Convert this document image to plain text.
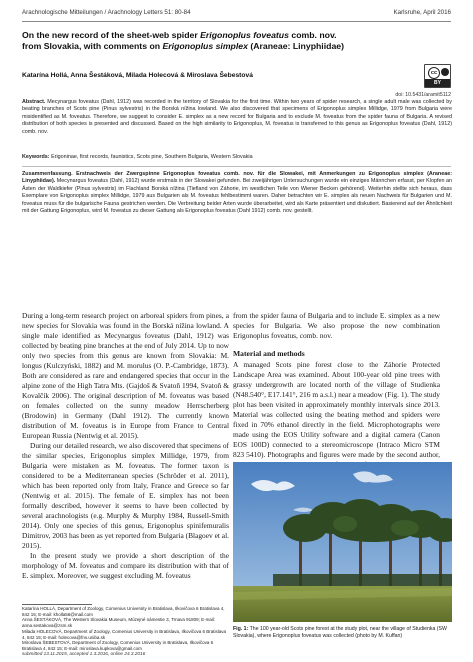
Arachnologische Mitteilungen / Arachnology Letters 51: 80-84	Karlsruhe, April 2016
On the new record of the sheet-web spider Erigonoplus foveatus comb. nov.
from Slovakia, with comments on Erigonoplus simplex (Araneae: Linyphiidae)
Katarína Hollá, Anna Šestáková, Milada Holecová & Miroslava Šebestová	cc
BY
doi: 10.5431/aramit5112
Abstract. Mecynargus foveatus (Dahl, 1912) was recorded in the territory of Slovakia for the first time. Within two years of spider research, a single adult male was collected by beating branches of Scots pine (Pinus sylvestris) in the Borská nížina lowland. We also discovered that specimens of Erigonoplus simplex Millidge, 1979 from Bulgaria were misidentified as M. foveatus. Therefore, we suggest to consider E. simplex as a new record for Bulgaria and to exclude M. foveatus from the spider fauna of Bulgaria. A revised distribution of both species is presented and discussed. Based on the high similarity to Erigonoplus, M. foveatus is transferred to this genus as Erigonoplus foveatus (Dahl, 1912) comb. nov.
Keywords: Erigoninae, first records, faunistics, Scots pine, Southern Bulgaria, Western Slovakia
Zusammenfassung. Erstnachweis der Zwergspinne Erigonoplus foveatus comb. nov. für die Slowakei, mit Anmerkungen zu Erigonoplus simplex (Araneae: Linyphiidae). Mecynargus foveatus (Dahl, 1912) wurde erstmals in der Slowakei gefunden. Bei zweijährigen Untersuchungen wurde ein einziges Männchen erfasst, per Klopfen an Ästen der Waldkiefer (Pinus sylvestris) im Flachland Borská nížina (Tiefland von Záhorie, im westlichen Teile von Wiener Becken gehörend). Weiterhin stellte sich heraus, dass Exemplare von Erigonoplus simplex Millidge, 1979 aus Bulgarien als M. foveatus fehlbestimmt waren. Daher betrachten wir E. simplex als neuen Nachweis für Bulgarien und M. foveatus muss für die bulgarische Fauna gestrichen werden. Die Verbreitung beider Arten wurde überarbeitet, wird als Karte präsentiert und diskutiert. Basierend auf der Ähnlichkeit mit der Gattung Erigonoplus, wird M. foveatus zu dieser Gattung als Erigonoplus foveatus (Dahl 1912) comb. nov. gestellt.

During a long-term research project on arboreal spiders from pines, a new species for Slovakia was found in the Borská nížina lowland. A single male identified as Mecynargus foveatus (Dahl, 1912) was collected by beating pine branches at the end of July 2014. Up to now only two species from this genus are known from Slovakia: M. longus (Kulczyński, 1882) and M. morulus (O. P.-Cambridge, 1873). Both are considered as rare and endangered species that occur in the alpine zone of the High Tatra Mts. (Gajdoš & Svatoň 1994, Svatoň & Kovalčík 2006). The original description of M. foveatus was based on females collected on the sunny meadow Herrscherberg (Brodowin) in Germany (Dahl 1912). The currently known distribution of M. foveatus is in Europe from France to Central European Russia (Nentwig et al. 2015).

During our detailed research, we also discovered that specimens of the similar species, Erigonoplus simplex Millidge, 1979, from Bulgaria were mistaken as M. foveatus. The former taxon is considered to be a Mediterranean species (Schröder et al. 2011), which has been reported only from Italy, France and Greece so far (Nentwig et al. 2015). The female of E. simplex has not been formally described, however it seems to have been collected by several arachnologists (e.g. Murphy & Murphy 1984, Russell-Smith 2014). Only one species of this genus, Erigonoplus spinifemuralis Dimitrov, 2003 has been as yet reported from Bulgaria (Blagoev et al. 2015).

In the present study we provide a short description of the morphology of M. foveatus and compare its distribution with that of E. simplex. Moreover, we suggest excluding M. foveatus

from the spider fauna of Bulgaria and to include E. simplex as a new species for Bulgaria. We also propose the new combination Erigonoplus foveatus, comb. nov.

Material and methods

A managed Scots pine forest close to the Záhorie Protected Landscape Area was examined. About 100-year old pine trees with grassy undergrowth are located north of the village of Studienka (N48.540°, E17.141°, 216 m a.s.l.) near a meadow (Fig. 1). The study plot has been visited in approximately monthly intervals since 2013. Material was collected using the beating method and spiders were fixed in 70% ethanol directly in the field. Microphotographs were made using the EOS Utility software and a digital camera (Canon EOS 100D) connected to a stereomicroscope (Intraco Micro STM 823 5410). Photographs and figures were made by the second author,

Katarína HOLLÁ, Department of Zoology, Comenius University in Bratislava, Ilkovičova 6 Bratislava 4, 842 15; E-mail: kholla56@mail.com
Anna ŠESTÁKOVÁ, The Western Slovakia Museum, Múzejné námestie 3, Trnava 91809; E-mail: anna.sestakova@zsm.sk
Milada HOLECOVÁ, Department of Zoology, Comenius University in Bratislava, Ilkovičova 6 Bratislava 4, 842 15; E-mail: holecova@fns.uniba.sk
Miroslava ŠEBESTOVÁ, Department of Zoology, Comenius University in Bratislava, Ilkovičova 6 Bratislava 4, 842 15; E-mail: miroslava.kupkova@gmail.com
submitted 13.11.2015, accepted 1.3.2016, online 24.3.2016
Fig. 1: The 100 year-old Scots pine forest at the study plot, near the village of Studienka (SW Slovakia), where Erigonoplus foveatus was collected (photo by M. Kuffan)
